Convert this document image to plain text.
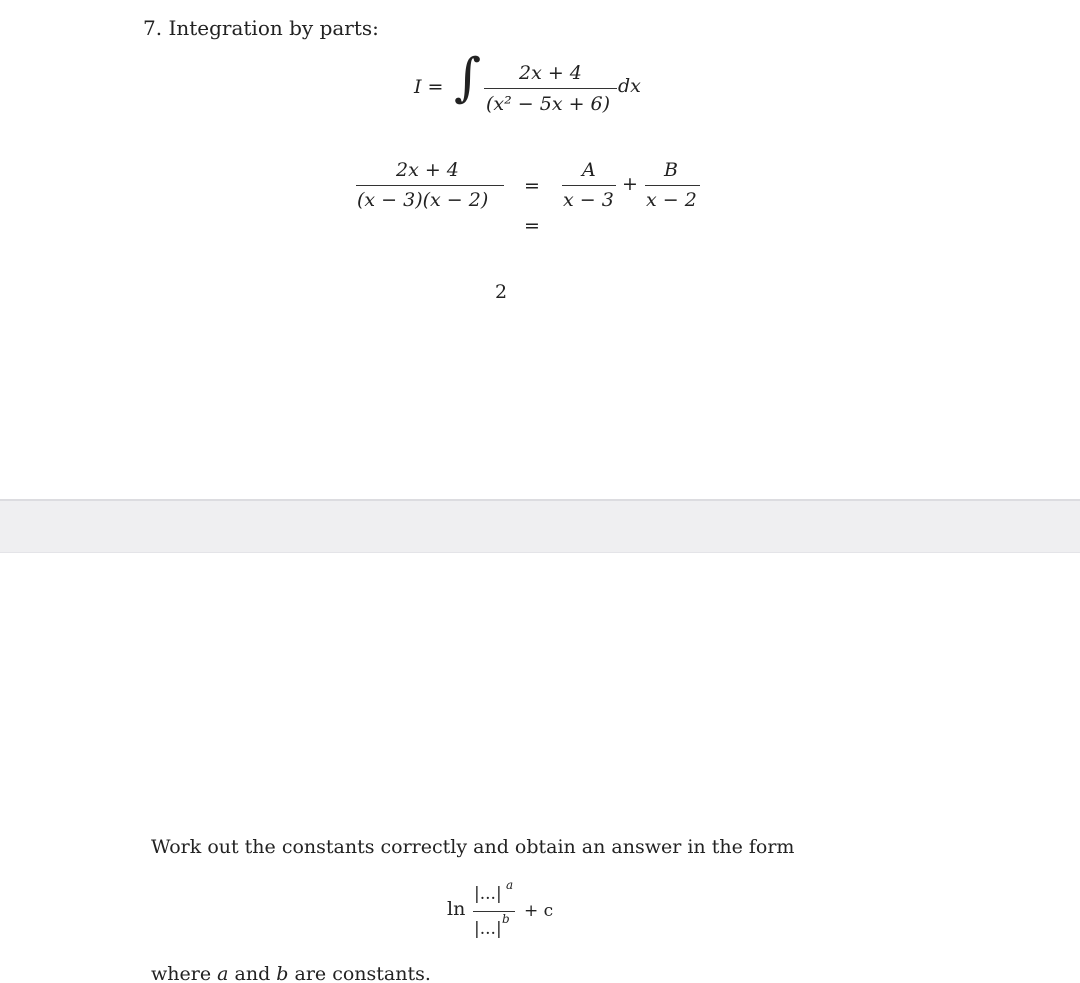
7. Integration by parts:
I = ∫ 2x + 4
(x² − 5x + 6)
dx
2x + 4
(x − 3)(x − 2)
=
=
A
x − 3
+
B
x − 2
2
Work out the constants correctly and obtain an answer in the form
ln
|...| a
|...| b + c
where a and b are constants.
